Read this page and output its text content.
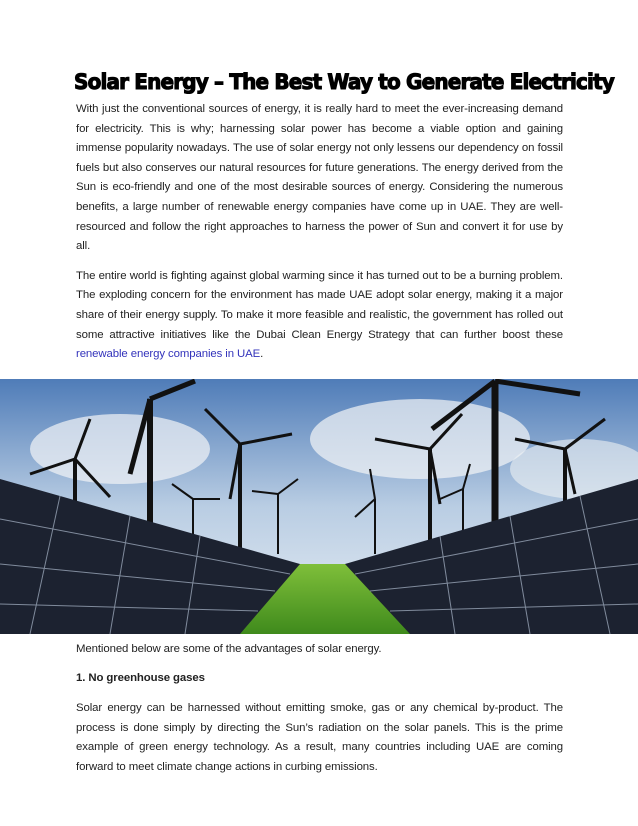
Solar Energy – The Best Way to Generate Electricity

With just the conventional sources of energy, it is really hard to meet the ever-increasing demand for electricity. This is why; harnessing solar power has become a viable option and gaining immense popularity nowadays. The use of solar energy not only lessens our dependency on fossil fuels but also conserves our natural resources for future generations. The energy derived from the Sun is eco-friendly and one of the most desirable sources of energy. Considering the numerous benefits, a large number of renewable energy companies have come up in UAE. They are well-resourced and follow the right approaches to harness the power of Sun and convert it for use by all.

The entire world is fighting against global warming since it has turned out to be a burning problem. The exploding concern for the environment has made UAE adopt solar energy, making it a major share of their energy supply. To make it more feasible and realistic, the government has rolled out some attractive initiatives like the Dubai Clean Energy Strategy that can further boost these renewable energy companies in UAE.

Mentioned below are some of the advantages of solar energy.

1. No greenhouse gases

Solar energy can be harnessed without emitting smoke, gas or any chemical by-product. The process is done simply by directing the Sun’s radiation on the solar panels. This is the prime example of green energy technology. As a result, many countries including UAE are coming forward to meet climate change actions in curbing emissions.
